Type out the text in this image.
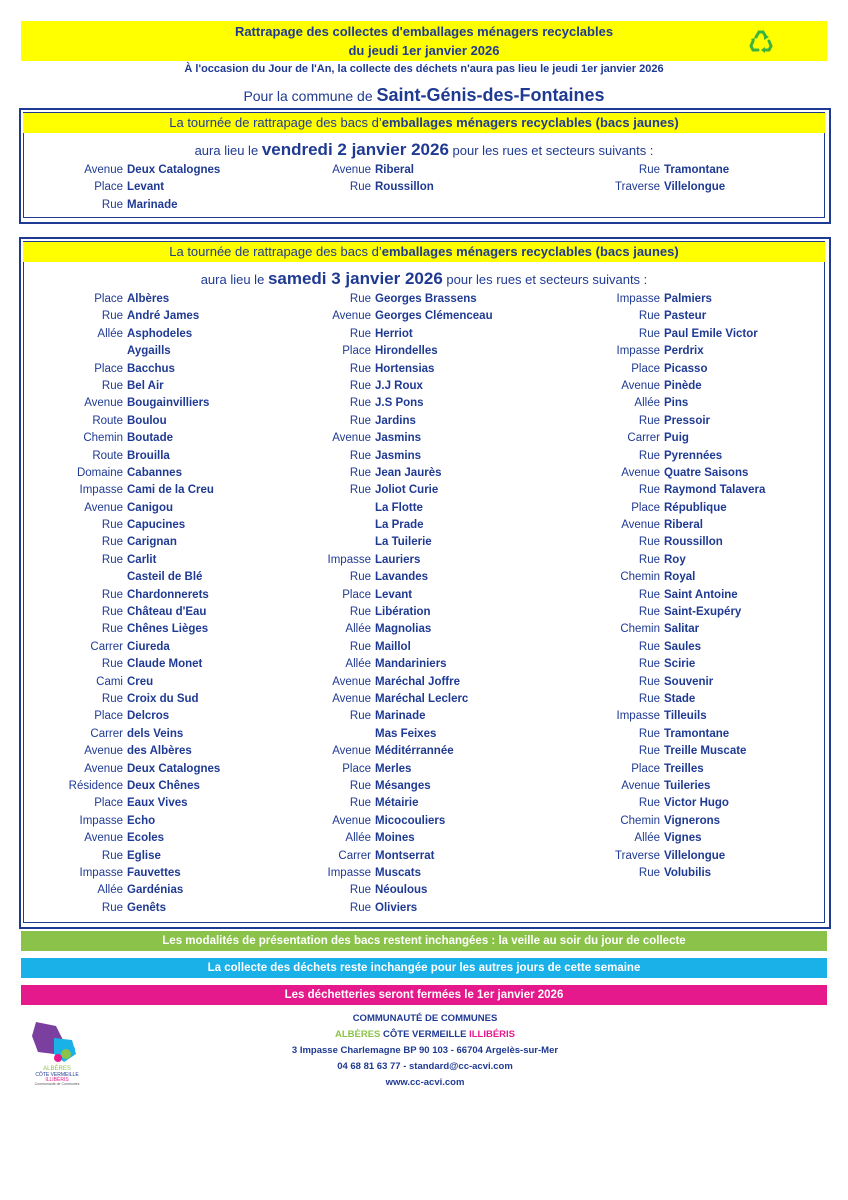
Rattrapage des collectes d'emballages ménagers recyclables
du jeudi 1er janvier 2026
À l'occasion du Jour de l'An, la collecte des déchets n'aura pas lieu le jeudi 1er janvier 2026
Pour la commune de Saint-Génis-des-Fontaines
La tournée de rattrapage des bacs d’emballages ménagers recyclables (bacs jaunes)
aura lieu le vendredi 2 janvier 2026 pour les rues et secteurs suivants :
Avenue Deux Catalognes
Place Levant
Rue Marinade
Avenue Riberal
Rue Roussillon
Rue Tramontane
Traverse Villelongue
La tournée de rattrapage des bacs d’emballages ménagers recyclables (bacs jaunes)
aura lieu le samedi 3 janvier 2026 pour les rues et secteurs suivants :
Place Albères
Rue André James
Allée Asphodeles
Aygaills
Place Bacchus
Rue Bel Air
Avenue Bougainvilliers
Route Boulou
Chemin Boutade
Route Brouilla
Domaine Cabannes
Impasse Cami de la Creu
Avenue Canigou
Rue Capucines
Rue Carignan
Rue Carlit
Casteil de Blé
Rue Chardonnerets
Rue Château d'Eau
Rue Chênes Lièges
Carrer Ciureda
Rue Claude Monet
Cami Creu
Rue Croix du Sud
Place Delcros
Carrer dels Veins
Avenue des Albères
Avenue Deux Catalognes
Résidence Deux Chênes
Place Eaux Vives
Impasse Echo
Avenue Ecoles
Rue Eglise
Impasse Fauvettes
Allée Gardénias
Rue Genêts
Rue Georges Brassens
Avenue Georges Clémenceau
Rue Herriot
Place Hirondelles
Rue Hortensias
Rue J.J Roux
Rue J.S Pons
Rue Jardins
Avenue Jasmins
Rue Jasmins
Rue Jean Jaurès
Rue Joliot Curie
La Flotte
La Prade
La Tuilerie
Impasse Lauriers
Rue Lavandes
Place Levant
Rue Libération
Allée Magnolias
Rue Maillol
Allée Mandariniers
Avenue Maréchal Joffre
Avenue Maréchal Leclerc
Rue Marinade
Mas Feixes
Avenue Méditérrannée
Place Merles
Rue Mésanges
Rue Métairie
Avenue Micocouliers
Allée Moines
Carrer Montserrat
Impasse Muscats
Rue Néoulous
Rue Oliviers
Impasse Palmiers
Rue Pasteur
Rue Paul Emile Victor
Impasse Perdrix
Place Picasso
Avenue Pinède
Allée Pins
Rue Pressoir
Carrer Puig
Rue Pyrennées
Avenue Quatre Saisons
Rue Raymond Talavera
Place République
Avenue Riberal
Rue Roussillon
Rue Roy
Chemin Royal
Rue Saint Antoine
Rue Saint-Exupéry
Chemin Salitar
Rue Saules
Rue Scirie
Rue Souvenir
Rue Stade
Impasse Tilleuils
Rue Tramontane
Rue Treille Muscate
Place Treilles
Avenue Tuileries
Rue Victor Hugo
Chemin Vignerons
Allée Vignes
Traverse Villelongue
Rue Volubilis
Les modalités de présentation des bacs restent inchangées : la veille au soir du jour de collecte
La collecte des déchets reste inchangée pour les autres jours de cette semaine
Les déchetteries seront fermées le 1er janvier 2026
ALBÈRES
CÔTE VERMEILLE
ILLIBÉRIS
Communauté de Communes
COMMUNAUTÉ DE COMMUNES
ALBÈRES CÔTE VERMEILLE ILLIBÉRIS
3 Impasse Charlemagne BP 90 103 - 66704 Argelès-sur-Mer
04 68 81 63 77 - standard@cc-acvi.com
www.cc-acvi.com
